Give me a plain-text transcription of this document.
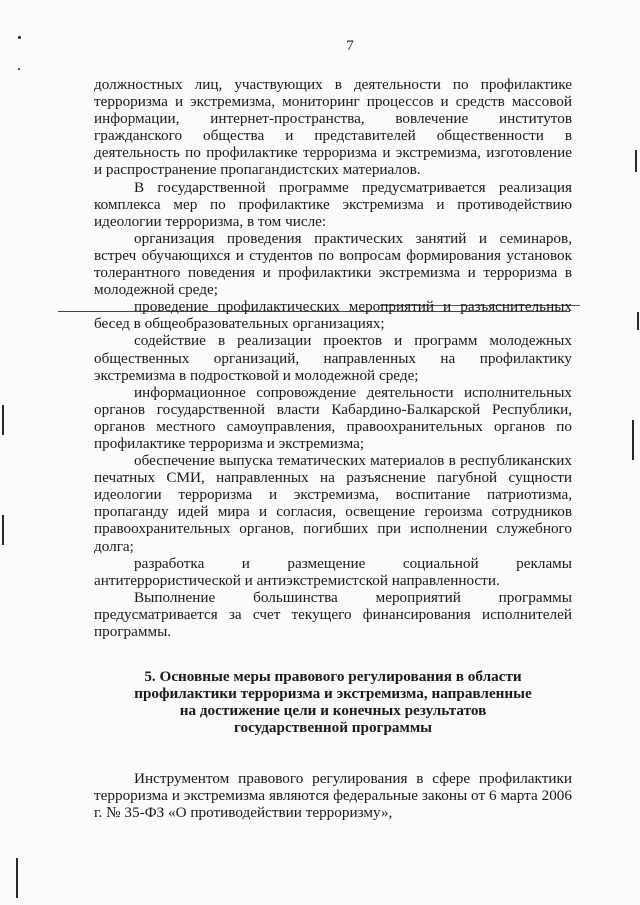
7

должностных лиц, участвующих в деятельности по профилактике терроризма и экстремизма, мониторинг процессов и средств массовой информации, интернет-пространства, вовлечение институтов гражданского общества и представителей общественности в деятельность по профилактике терроризма и экстремизма, изготовление и распространение пропагандистских материалов.

В государственной программе предусматривается реализация комплекса мер по профилактике экстремизма и противодействию идеологии терроризма, в том числе:

организация проведения практических занятий и семинаров, встреч обучающихся и студентов по вопросам формирования установок толерантного поведения и профилактики экстремизма и терроризма в молодежной среде;

проведение профилактических мероприятий и разъяснительных бесед в общеобразовательных организациях;

содействие в реализации проектов и программ молодежных общественных организаций, направленных на профилактику экстремизма в подростковой и молодежной среде;

информационное сопровождение деятельности исполнительных органов государственной власти Кабардино-Балкарской Республики, органов местного самоуправления, правоохранительных органов по профилактике терроризма и экстремизма;

обеспечение выпуска тематических материалов в республиканских печатных СМИ, направленных на разъяснение пагубной сущности идеологии терроризма и экстремизма, воспитание патриотизма, пропаганду идей мира и согласия, освещение героизма сотрудников правоохранительных органов, погибших при исполнении служебного долга;

разработка и размещение социальной рекламы антитеррористической и антиэкстремистской направленности.

Выполнение большинства мероприятий программы предусматривается за счет текущего финансирования исполнителей программы.

5. Основные меры правового регулирования в области
профилактики терроризма и экстремизма, направленные
на достижение цели и конечных результатов
государственной программы

Инструментом правового регулирования в сфере профилактики терроризма и экстремизма являются федеральные законы от 6 марта 2006 г. № 35-ФЗ «О противодействии терроризму»,
